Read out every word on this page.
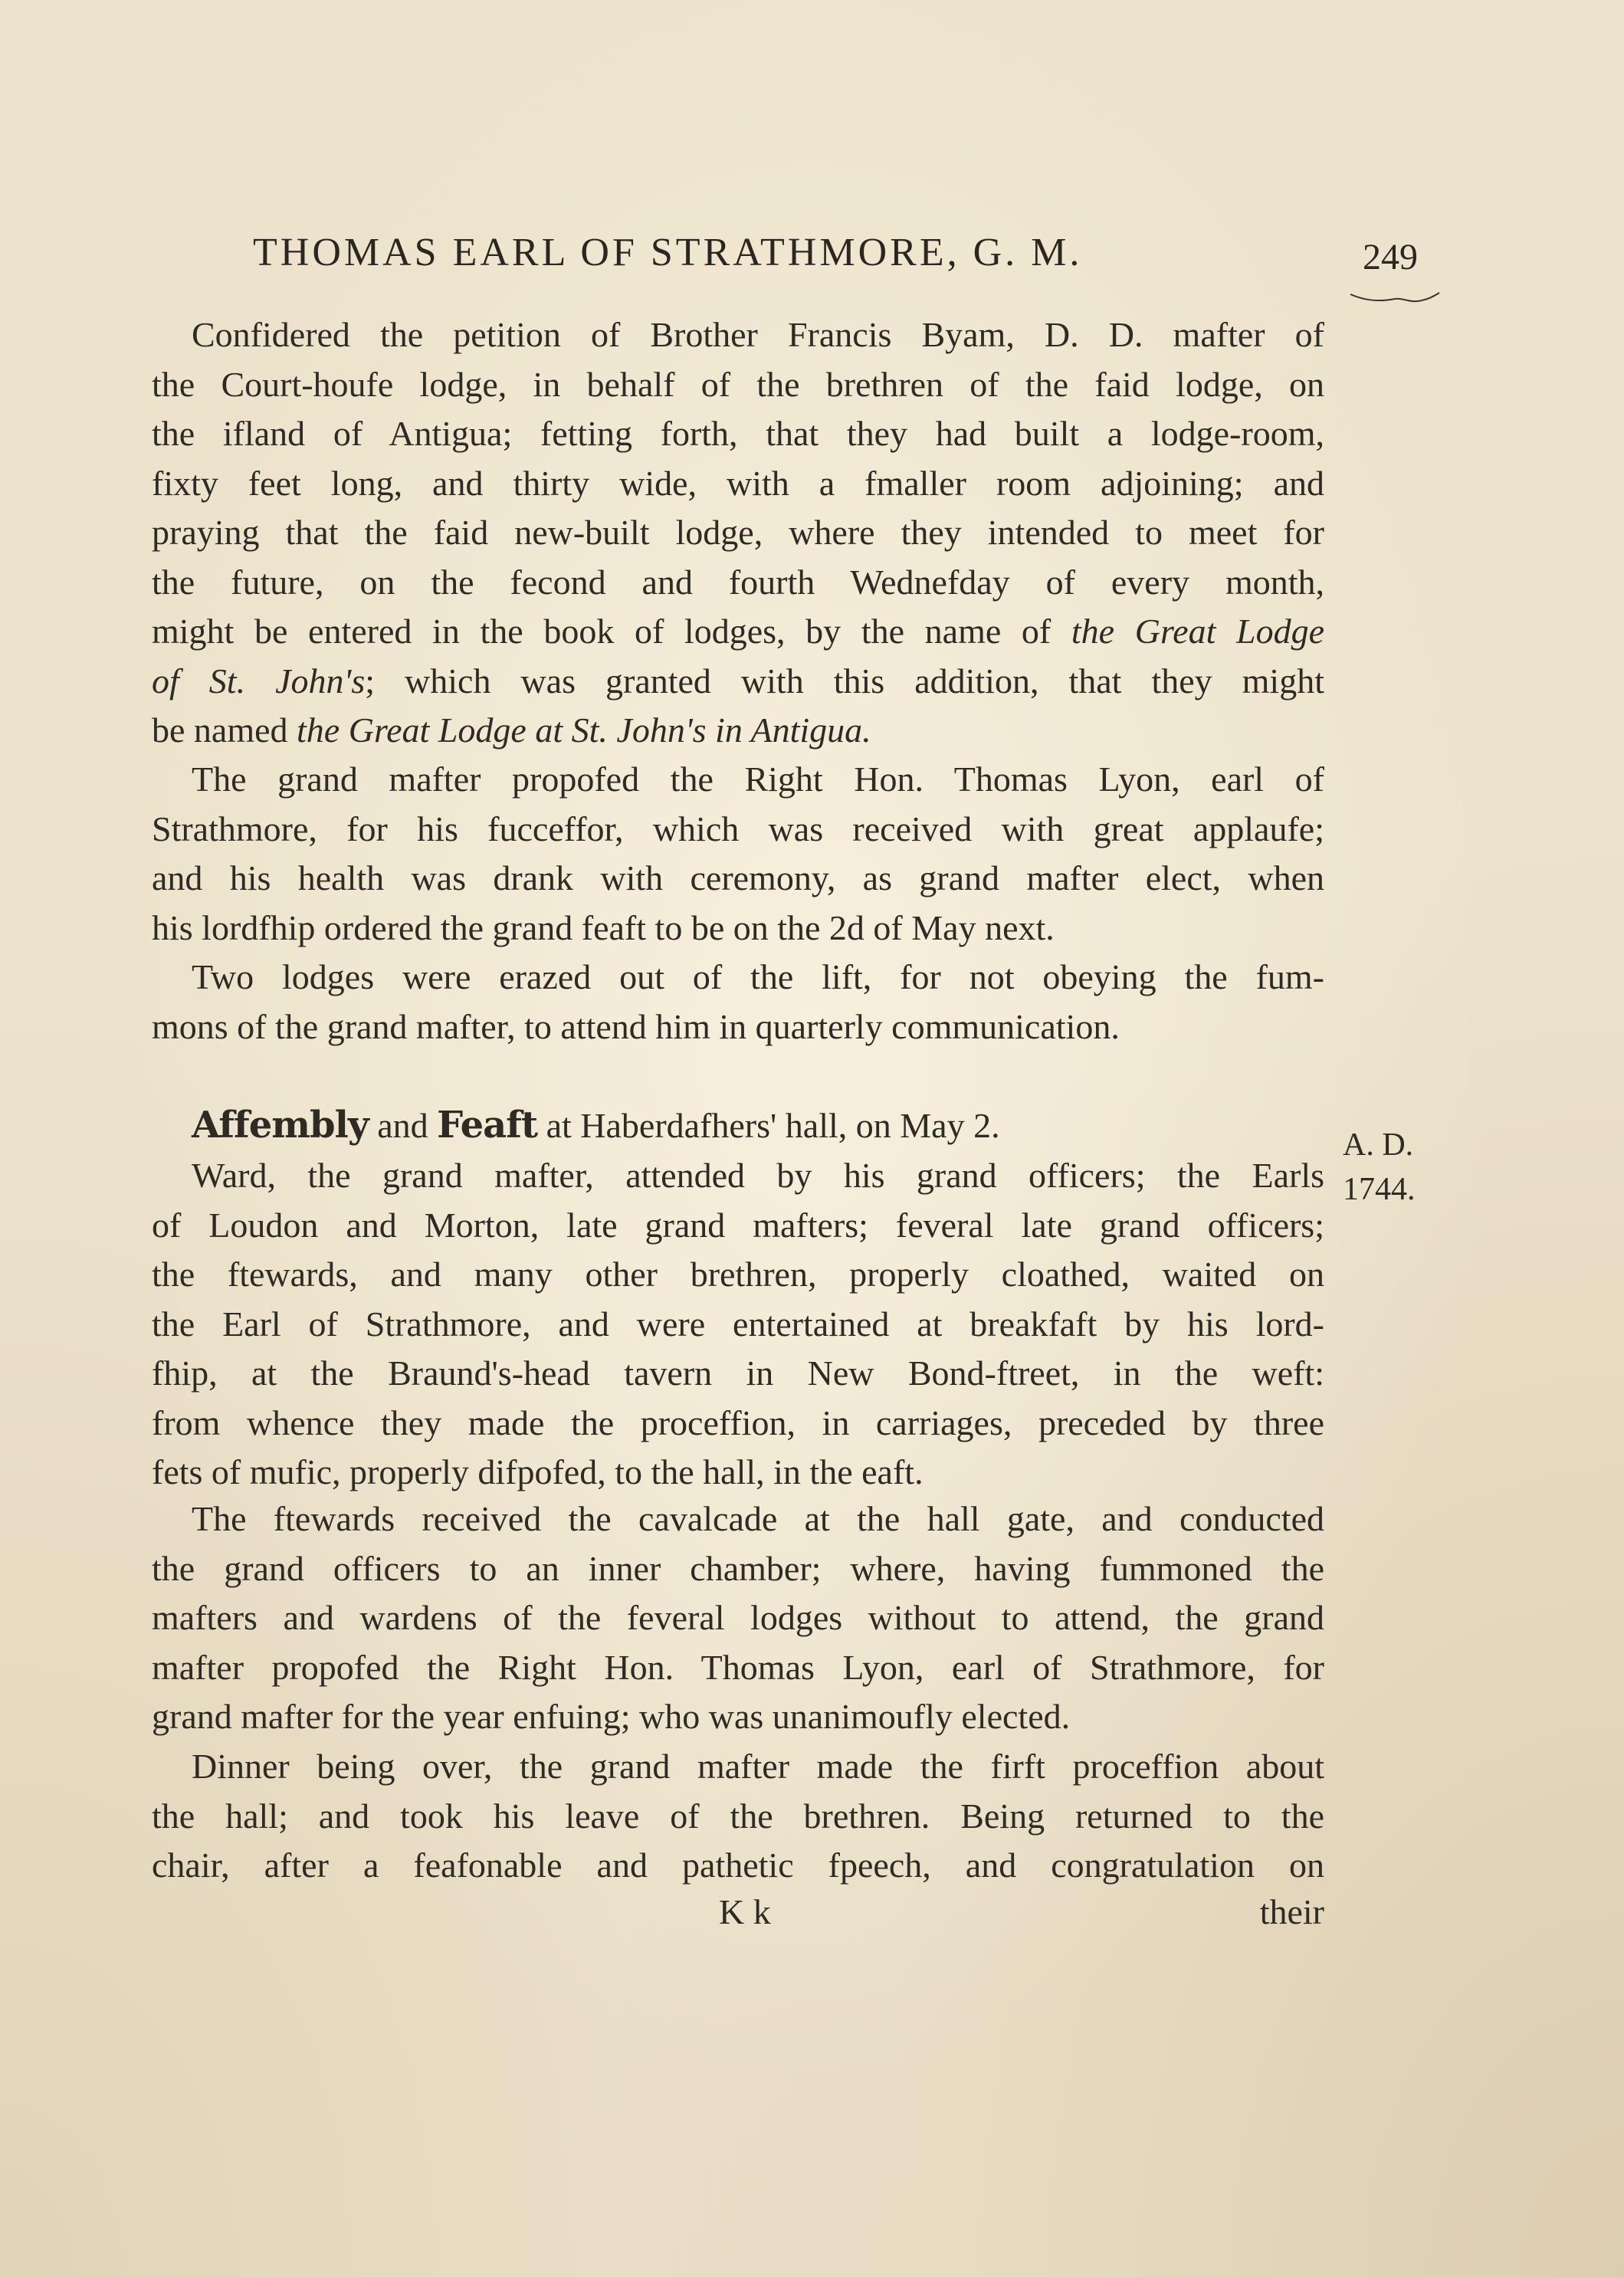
THOMAS EARL OF STRATHMORE, G. M.	249
Confidered the petition of Brother Francis Byam, D. D. mafter of
the Court-houfe lodge, in behalf of the brethren of the faid lodge, on
the ifland of Antigua; fetting forth, that they had built a lodge-room,
fixty feet long, and thirty wide, with a fmaller room adjoining; and
praying that the faid new-built lodge, where they intended to meet for
the future, on the fecond and fourth Wednefday of every month,
might be entered in the book of lodges, by the name of the Great Lodge
of St. John's; which was granted with this addition, that they might
be named the Great Lodge at St. John's in Antigua.
The grand mafter propofed the Right Hon. Thomas Lyon, earl of
Strathmore, for his fucceffor, which was received with great applaufe;
and his health was drank with ceremony, as grand mafter elect, when
his lordfhip ordered the grand feaft to be on the 2d of May next.
Two lodges were erazed out of the lift, for not obeying the fum-
mons of the grand mafter, to attend him in quarterly communication.
Affembly and Feaft at Haberdafhers' hall, on May 2.	A. D.
1744.
Ward, the grand mafter, attended by his grand officers; the Earls
of Loudon and Morton, late grand mafters; feveral late grand officers;
the ftewards, and many other brethren, properly cloathed, waited on
the Earl of Strathmore, and were entertained at breakfaft by his lord-
fhip, at the Braund's-head tavern in New Bond-ftreet, in the weft:
from whence they made the proceffion, in carriages, preceded by three
fets of mufic, properly difpofed, to the hall, in the eaft.
The ftewards received the cavalcade at the hall gate, and conducted
the grand officers to an inner chamber; where, having fummoned the
mafters and wardens of the feveral lodges without to attend, the grand
mafter propofed the Right Hon. Thomas Lyon, earl of Strathmore, for
grand mafter for the year enfuing; who was unanimoufly elected.
Dinner being over, the grand mafter made the firft proceffion about
the hall; and took his leave of the brethren. Being returned to the
chair, after a feafonable and pathetic fpeech, and congratulation on
K k	their
